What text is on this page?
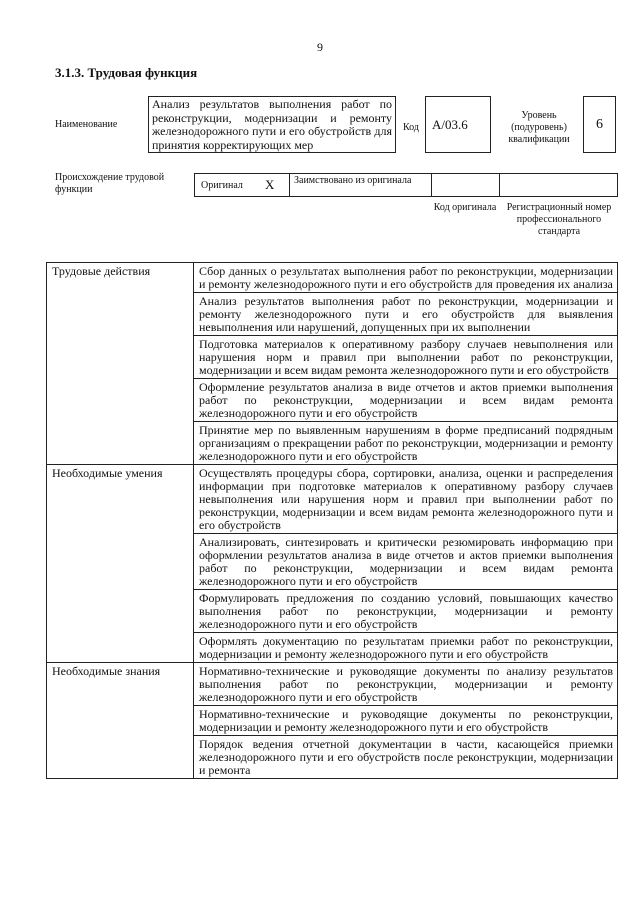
9
3.1.3. Трудовая функция
Наименование
Анализ результатов выполнения работ по реконструкции, модернизации и ремонту железнодорожного пути и его обустройств для принятия корректирующих мер
Код	А/03.6
Уровень (подуровень) квалификации
6
Происхождение трудовой функции	Оригинал X Заимствовано из оригинала
Код оригинала	Регистрационный номер профессионального стандарта
Трудовые действия	Сбор данных о результатах выполнения работ по реконструкции, модернизации и ремонту железнодорожного пути и его обустройств для проведения их анализа
	Анализ результатов выполнения работ по реконструкции, модернизации и ремонту железнодорожного пути и его обустройств для выявления невыполнения или нарушений, допущенных при их выполнении
	Подготовка материалов к оперативному разбору случаев невыполнения или нарушения норм и правил при выполнении работ по реконструкции, модернизации и всем видам ремонта железнодорожного пути и его обустройств
	Оформление результатов анализа в виде отчетов и актов приемки выполнения работ по реконструкции, модернизации и всем видам ремонта железнодорожного пути и его обустройств
	Принятие мер по выявленным нарушениям в форме предписаний подрядным организациям о прекращении работ по реконструкции, модернизации и ремонту железнодорожного пути и его обустройств
Необходимые умения	Осуществлять процедуры сбора, сортировки, анализа, оценки и распределения информации при подготовке материалов к оперативному разбору случаев невыполнения или нарушения норм и правил при выполнении работ по реконструкции, модернизации и всем видам ремонта железнодорожного пути и его обустройств
	Анализировать, синтезировать и критически резюмировать информацию при оформлении результатов анализа в виде отчетов и актов приемки выполнения работ по реконструкции, модернизации и всем видам ремонта железнодорожного пути и его обустройств
	Формулировать предложения по созданию условий, повышающих качество выполнения работ по реконструкции, модернизации и ремонту железнодорожного пути и его обустройств
	Оформлять документацию по результатам приемки работ по реконструкции, модернизации и ремонту железнодорожного пути и его обустройств
Необходимые знания	Нормативно-технические и руководящие документы по анализу результатов выполнения работ по реконструкции, модернизации и ремонту железнодорожного пути и его обустройств
	Нормативно-технические и руководящие документы по реконструкции, модернизации и ремонту железнодорожного пути и его обустройств
	Порядок ведения отчетной документации в части, касающейся приемки железнодорожного пути и его обустройств после реконструкции, модернизации и ремонта
